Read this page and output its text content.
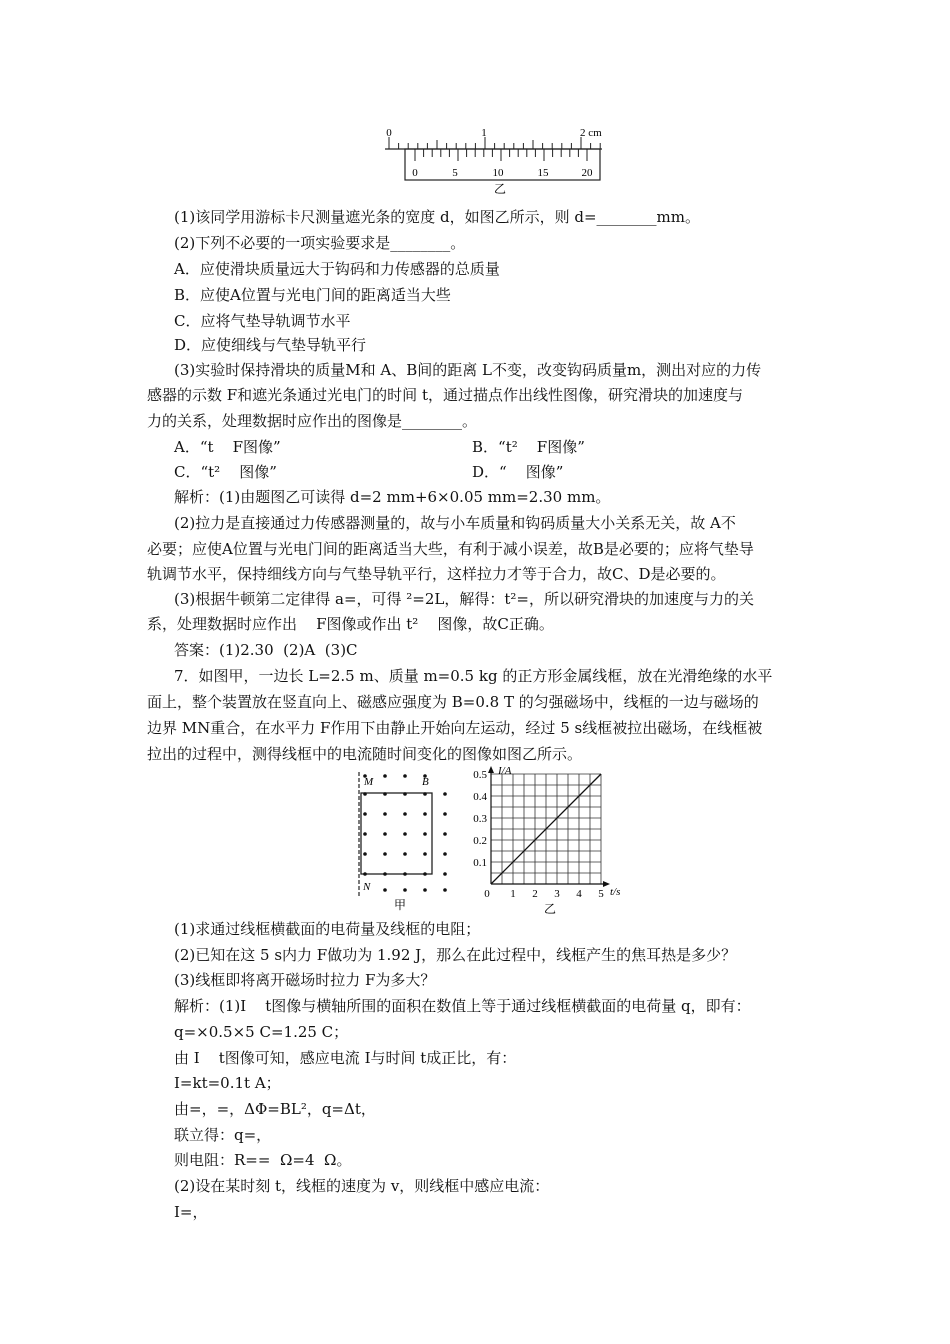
0	1	2 cm
0	5	10	15	20
乙
(1)该同学用游标卡尺测量遮光条的宽度 d，如图乙所示，则 d=________mm。
(2)下列不必要的一项实验要求是________。
A．应使滑块质量远大于钩码和力传感器的总质量
B．应使A位置与光电门间的距离适当大些
C．应将气垫导轨调节水平
D．应使细线与气垫导轨平行
(3)实验时保持滑块的质量M和 A、B间的距离 L不变，改变钩码质量m，测出对应的力传
感器的示数 F和遮光条通过光电门的时间 t，通过描点作出线性图像，研究滑块的加速度与
力的关系，处理数据时应作出的图像是________。
A．“t    F图像”	B．“t²    F图像”
C．“t²    图像”	D．“    图像”
解析：(1)由题图乙可读得 d=2 mm+6×0.05 mm=2.30 mm。
(2)拉力是直接通过力传感器测量的，故与小车质量和钩码质量大小关系无关，故 A不
必要；应使A位置与光电门间的距离适当大些，有利于减小误差，故B是必要的；应将气垫导
轨调节水平，保持细线方向与气垫导轨平行，这样拉力才等于合力，故C、D是必要的。
(3)根据牛顿第二定律得 a=，可得 ²=2L，解得：t²=，所以研究滑块的加速度与力的关
系，处理数据时应作出    F图像或作出 t²    图像，故C正确。
答案：(1)2.30  (2)A  (3)C
7．如图甲，一边长 L=2.5 m、质量 m=0.5 kg 的正方形金属线框，放在光滑绝缘的水平
面上，整个装置放在竖直向上、磁感应强度为 B=0.8 T 的匀强磁场中，线框的一边与磁场的
边界 MN重合，在水平力 F作用下由静止开始向左运动，经过 5 s线框被拉出磁场，在线框被
拉出的过程中，测得线框中的电流随时间变化的图像如图乙所示。
M	B
N
甲
0.5
0.4
0.3
0.2
0.1
0 1 2 3 4 5
I/A
t/s
乙
(1)求通过线框横截面的电荷量及线框的电阻；
(2)已知在这 5 s内力 F做功为 1.92 J，那么在此过程中，线框产生的焦耳热是多少？
(3)线框即将离开磁场时拉力 F为多大？
解析：(1)I    t图像与横轴所围的面积在数值上等于通过线框横截面的电荷量 q，即有：
q=×0.5×5 C=1.25 C；
由 I    t图像可知，感应电流 I与时间 t成正比，有：
I=kt=0.1t A；
由=，=，ΔΦ=BL²，q=Δt，
联立得：q=，
则电阻：R==  Ω=4  Ω。
(2)设在某时刻 t，线框的速度为 v，则线框中感应电流：
I=，
